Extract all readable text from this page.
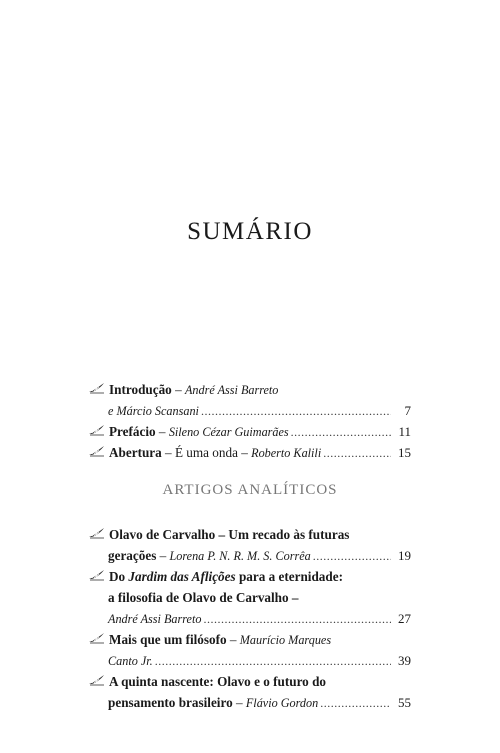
SUMÁRIO
Introdução – André Assi Barreto
e Márcio Scansani .....	7
Prefácio – Sileno Cézar Guimarães .....	11
Abertura – É uma onda – Roberto Kalili .....	15
ARTIGOS ANALÍTICOS
Olavo de Carvalho – Um recado às futuras
gerações – Lorena P. N. R. M. S. Corrêa .....	19
Do Jardim das Aflições para a eternidade:
a filosofia de Olavo de Carvalho –
André Assi Barreto .....	27
Mais que um filósofo – Maurício Marques
Canto Jr. .....	39
A quinta nascente: Olavo e o futuro do
pensamento brasileiro – Flávio Gordon .....	55
